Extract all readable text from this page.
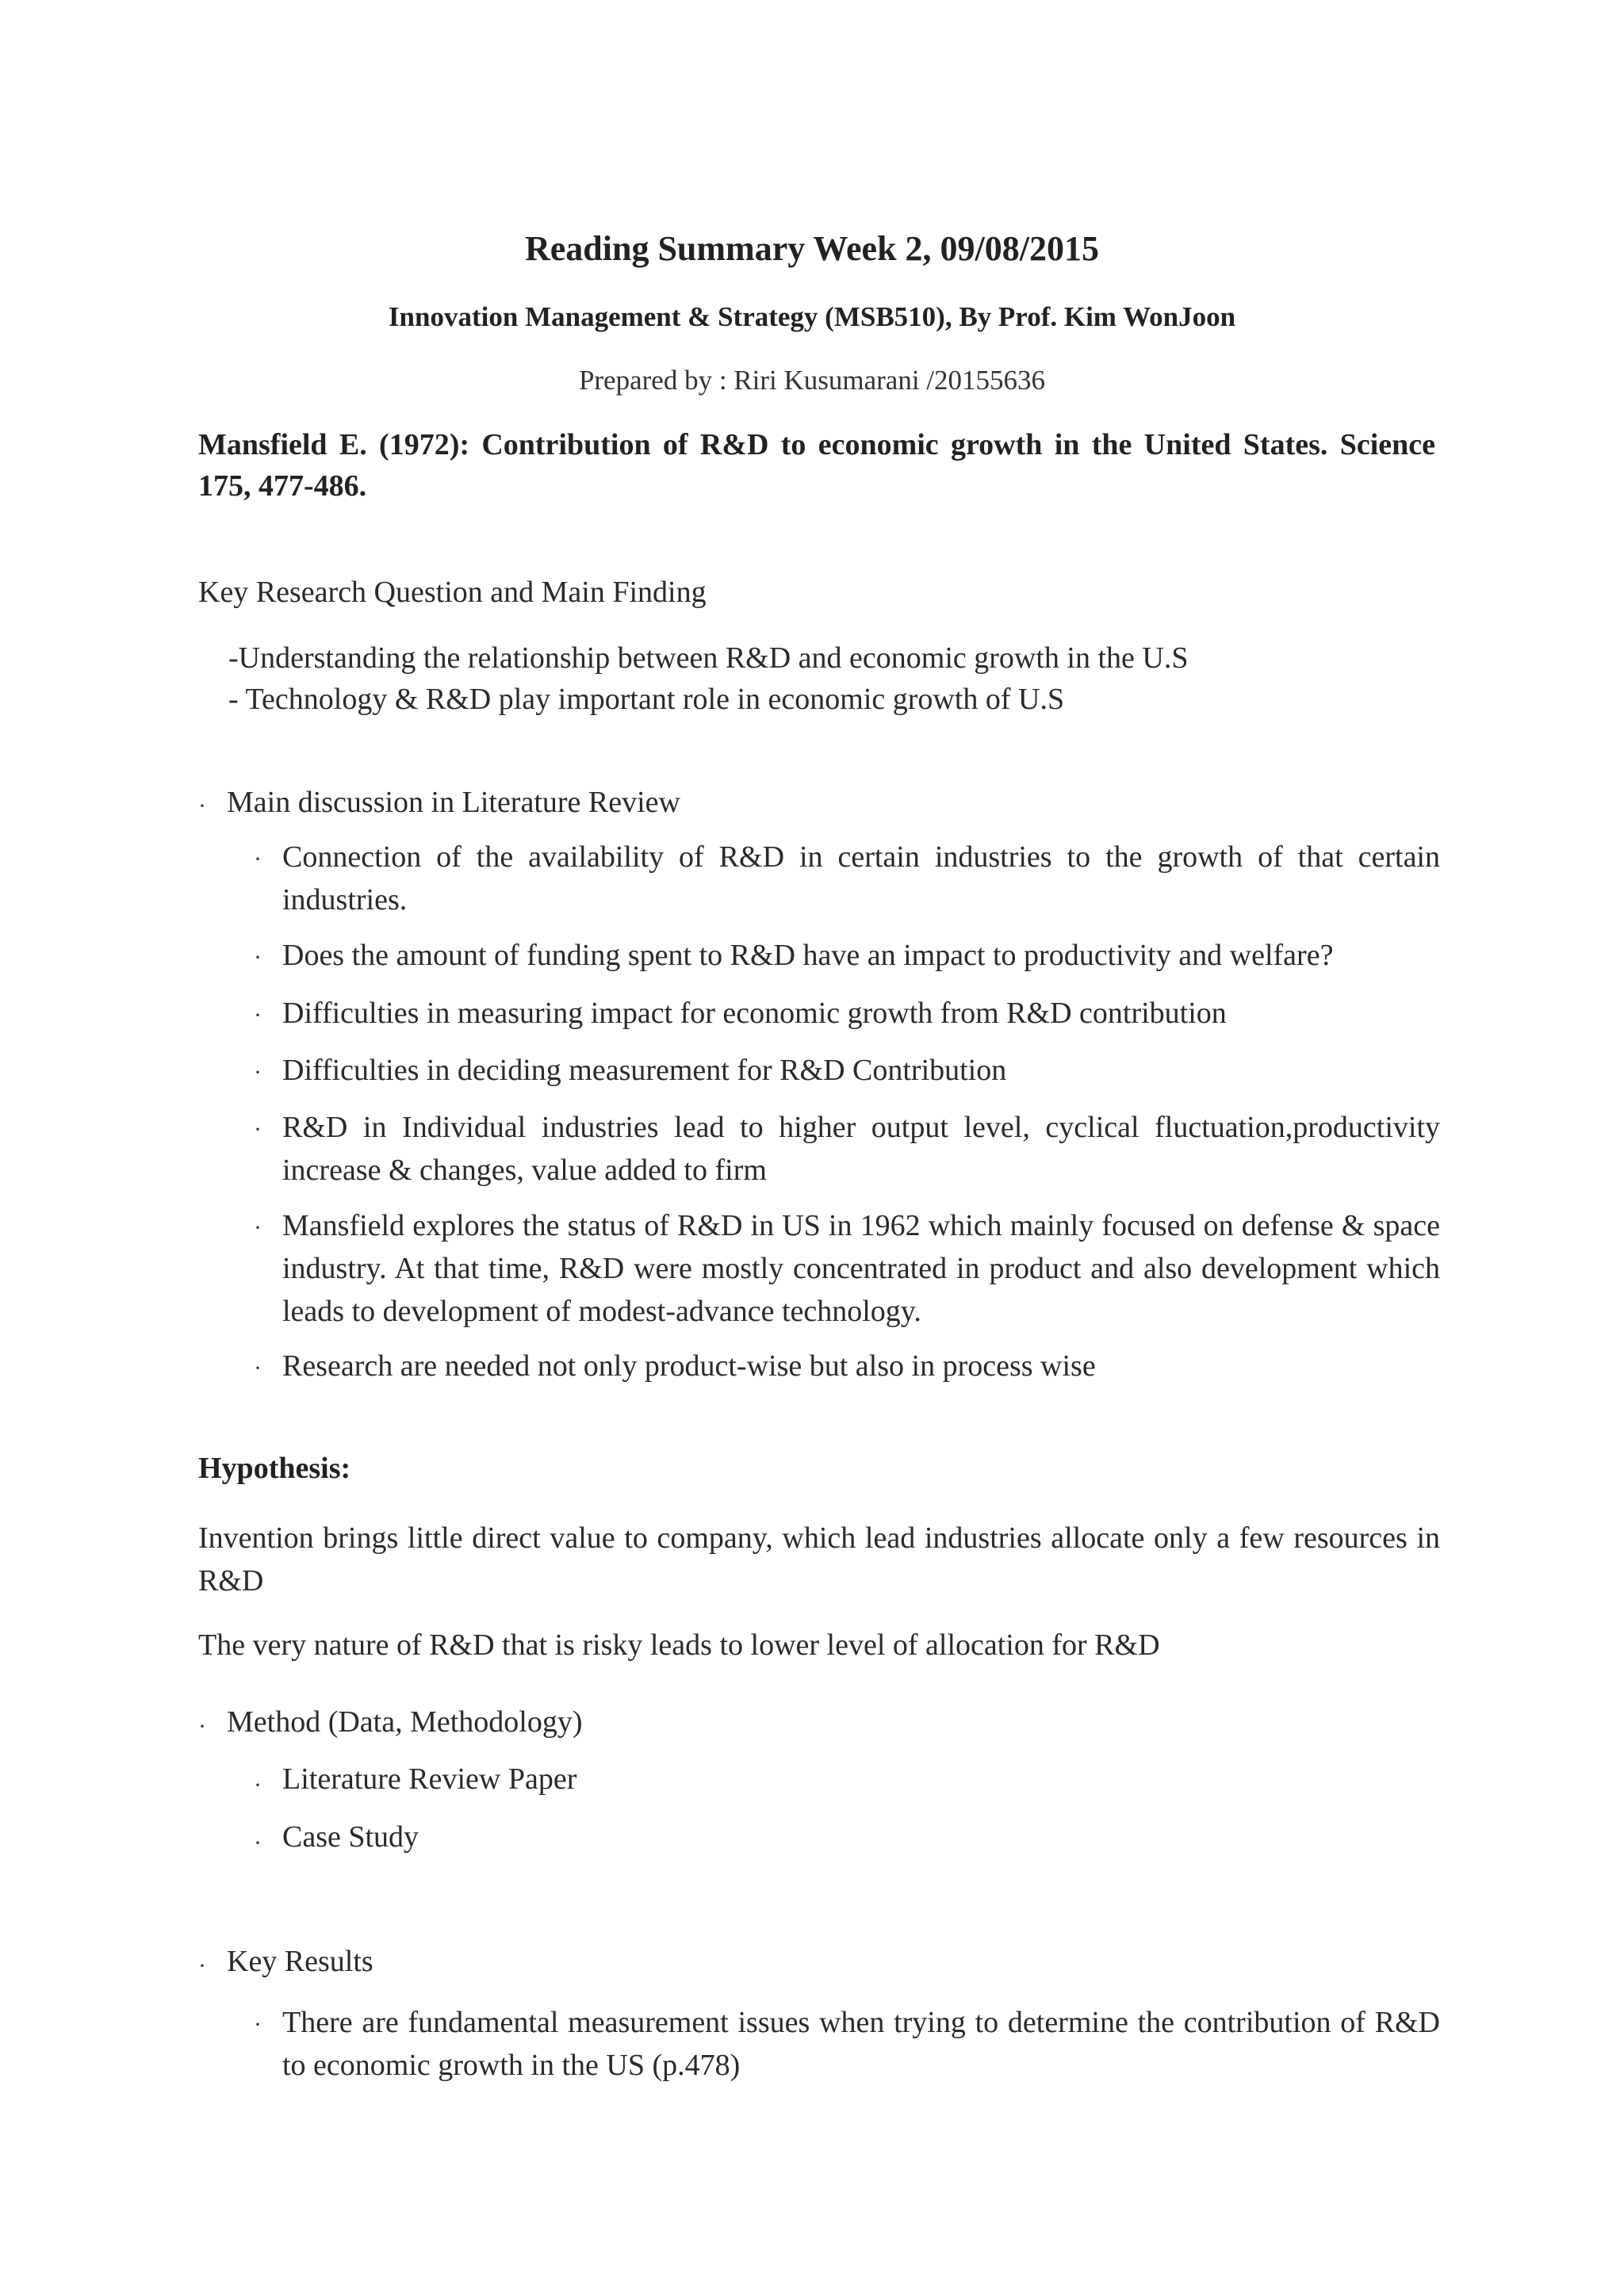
Reading Summary Week 2, 09/08/2015
Innovation Management & Strategy (MSB510), By Prof. Kim WonJoon
Prepared by : Riri Kusumarani /20155636
Mansfield E. (1972): Contribution of R&D to economic growth in the United States. Science 175, 477-486.
Key Research Question and Main Finding
-Understanding the relationship between R&D and economic growth in the U.S
- Technology & R&D play important role in economic growth of U.S
· Main discussion in Literature Review
· Connection of the availability of R&D in certain industries to the growth of that certain industries.
· Does the amount of funding spent to R&D have an impact to productivity and welfare?
· Difficulties in measuring impact for economic growth from R&D contribution
· Difficulties in deciding measurement for R&D Contribution
· R&D in Individual industries lead to higher output level, cyclical fluctuation,productivity increase & changes, value added to firm
· Mansfield explores the status of R&D in US in 1962 which mainly focused on defense & space industry. At that time, R&D were mostly concentrated in product and also development which leads to development of modest-advance technology.
· Research are needed not only product-wise but also in process wise
Hypothesis:
Invention brings little direct value to company, which lead industries allocate only a few resources in R&D
The very nature of R&D that is risky leads to lower level of allocation for R&D
· Method (Data, Methodology)
· Literature Review Paper
· Case Study
· Key Results
· There are fundamental measurement issues when trying to determine the contribution of R&D to economic growth in the US (p.478)
